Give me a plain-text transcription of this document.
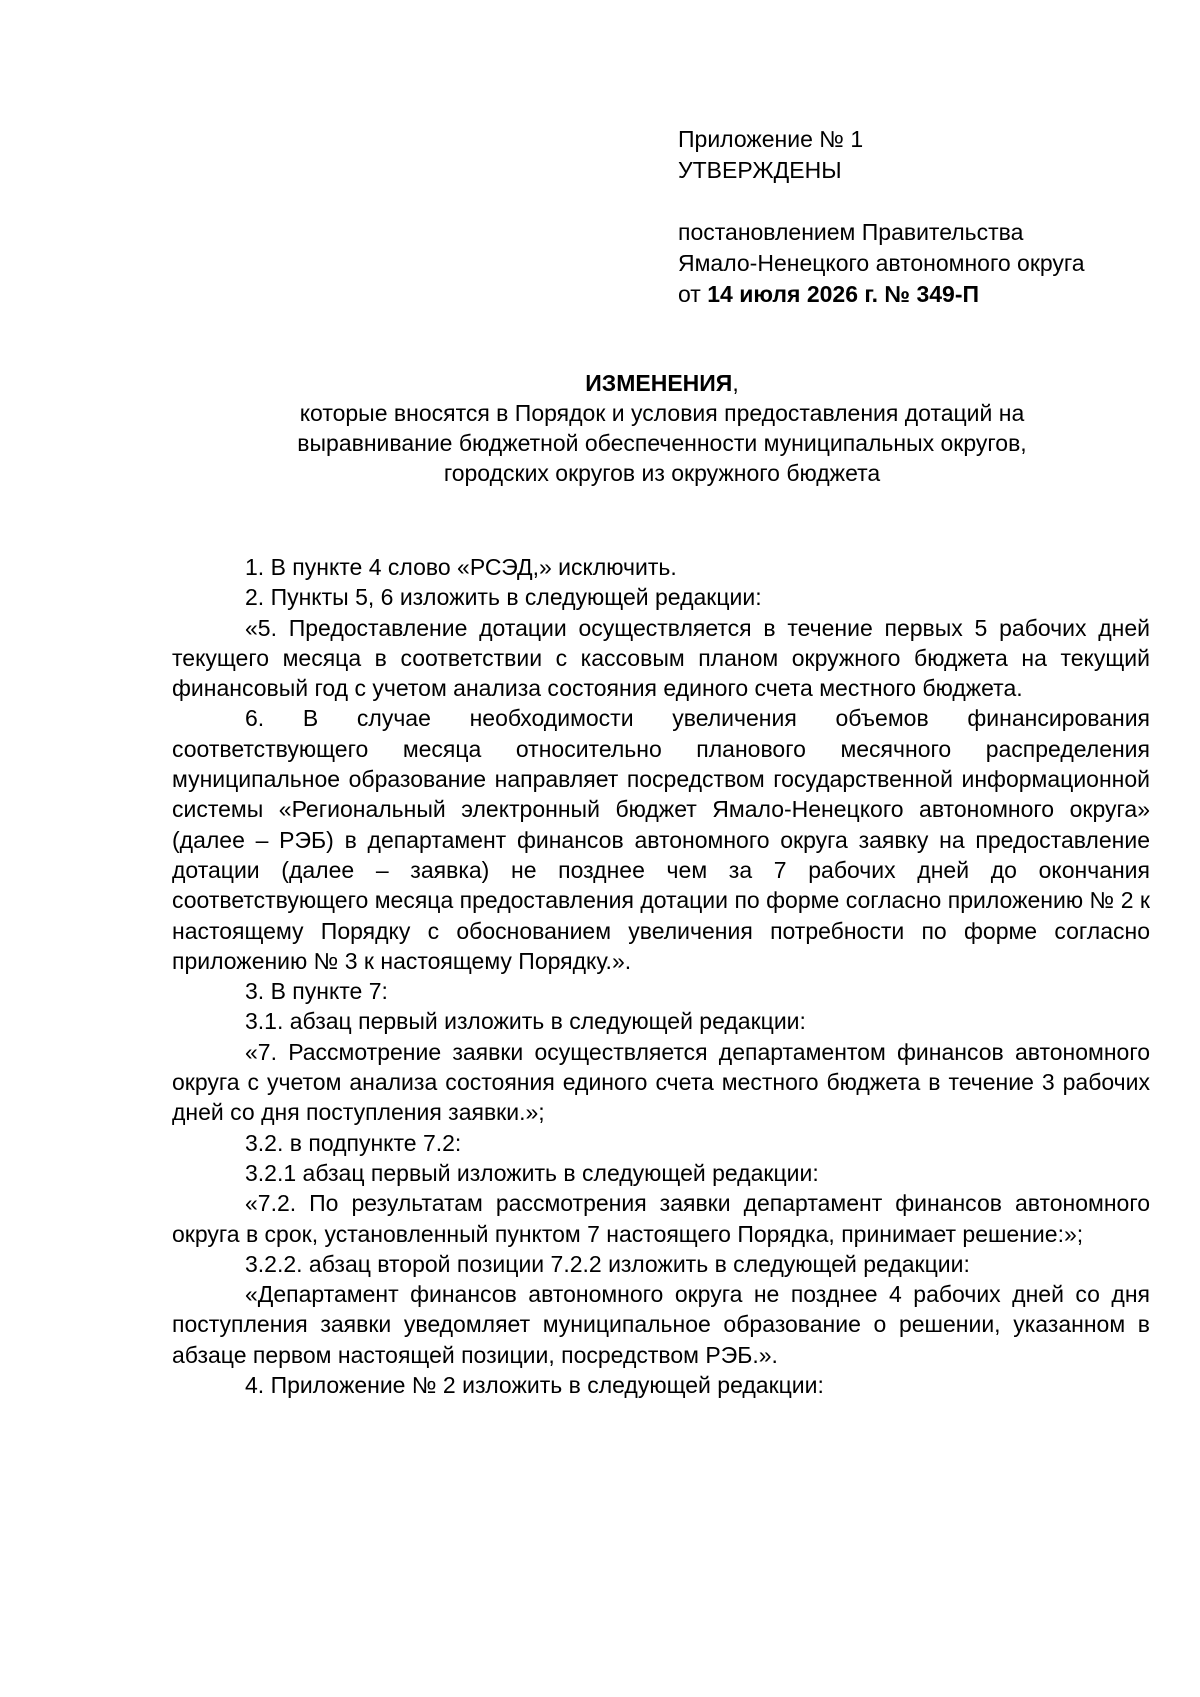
Приложение № 1
УТВЕРЖДЕНЫ
постановлением Правительства
Ямало-Ненецкого автономного округа
от 14 июля 2026 г. № 349-П
ИЗМЕНЕНИЯ,
которые вносятся в Порядок и условия предоставления дотаций на
выравнивание бюджетной обеспеченности муниципальных округов,
городских округов из окружного бюджета

1. В пункте 4 слово «РСЭД,» исключить.

2. Пункты 5, 6 изложить в следующей редакции:

«5. Предоставление дотации осуществляется в течение первых 5 рабочих дней текущего месяца в соответствии с кассовым планом окружного бюджета на текущий финансовый год с учетом анализа состояния единого счета местного бюджета.

6. В случае необходимости увеличения объемов финансирования соответствующего месяца относительно планового месячного распределения муниципальное образование направляет посредством государственной информационной системы «Региональный электронный бюджет Ямало-Ненецкого автономного округа» (далее – РЭБ) в департамент финансов автономного округа заявку на предоставление дотации (далее – заявка) не позднее чем за 7 рабочих дней до окончания соответствующего месяца предоставления дотации по форме согласно приложению № 2 к настоящему Порядку с обоснованием увеличения потребности по форме согласно приложению № 3 к настоящему Порядку.».

3. В пункте 7:

3.1. абзац первый изложить в следующей редакции:

«7. Рассмотрение заявки осуществляется департаментом финансов автономного округа с учетом анализа состояния единого счета местного бюджета в течение 3 рабочих дней со дня поступления заявки.»;

3.2. в подпункте 7.2:

3.2.1 абзац первый изложить в следующей редакции:

«7.2. По результатам рассмотрения заявки департамент финансов автономного округа в срок, установленный пунктом 7 настоящего Порядка, принимает решение:»;

3.2.2. абзац второй позиции 7.2.2 изложить в следующей редакции:

«Департамент финансов автономного округа не позднее 4 рабочих дней со дня поступления заявки уведомляет муниципальное образование о решении, указанном в абзаце первом настоящей позиции, посредством РЭБ.».

4. Приложение № 2 изложить в следующей редакции:
